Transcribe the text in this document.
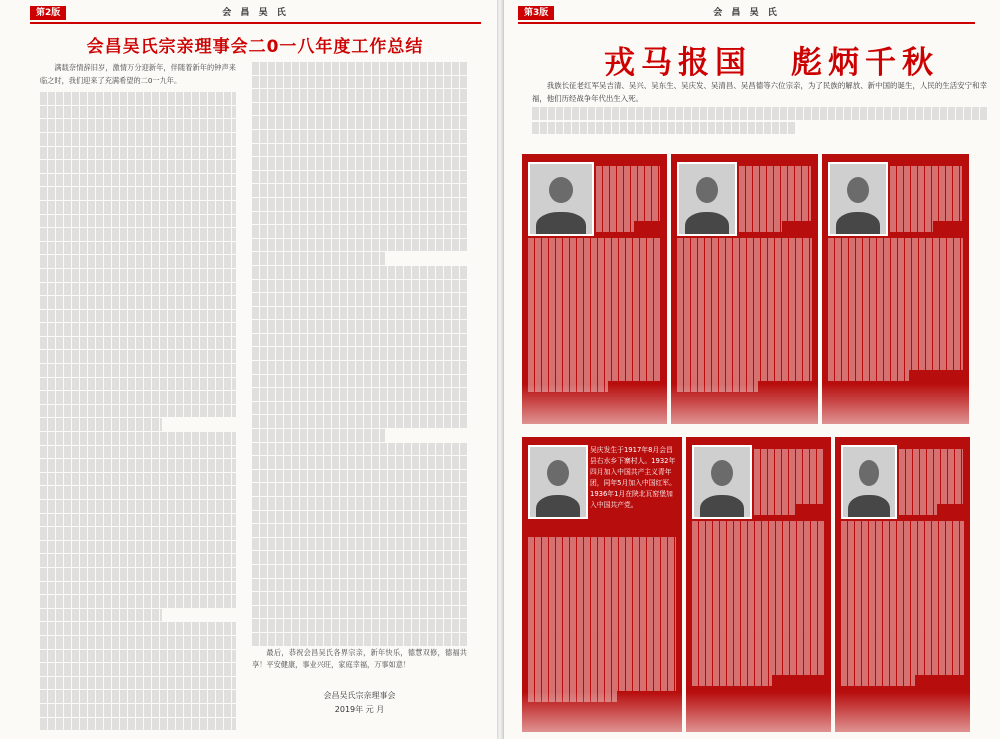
第2版	会 昌 吴 氏
会昌吴氏宗亲理事会二0一八年度工作总结

满载奈情辞旧岁，激情万分迎新年，伴随着新年的钟声来临之时，我们迎来了充满希望的二0一九年。

最后，恭祝会昌吴氏各界宗亲，新年快乐，德慧双修，德福共享！平安健康，事业兴旺，家庭幸福，万事如意！

会昌吴氏宗亲理事会
2019年 元 月
第3版	会 昌 吴 氏
戎马报国 彪炳千秋
我族长征老红军吴吉清、吴兴、吴东生、吴庆发、吴清昌、吴昌德等六位宗亲，为了民族的解放、新中国的诞生，人民的生活安宁和幸福，他们历经战争年代出生入死。
吴庆发生于1917年8月会昌县右水乡下寨村人。1932年四月加入中国共产主义青年团，同年5月加入中国红军。1936年1月在陕北瓦窑堡加入中国共产党。
